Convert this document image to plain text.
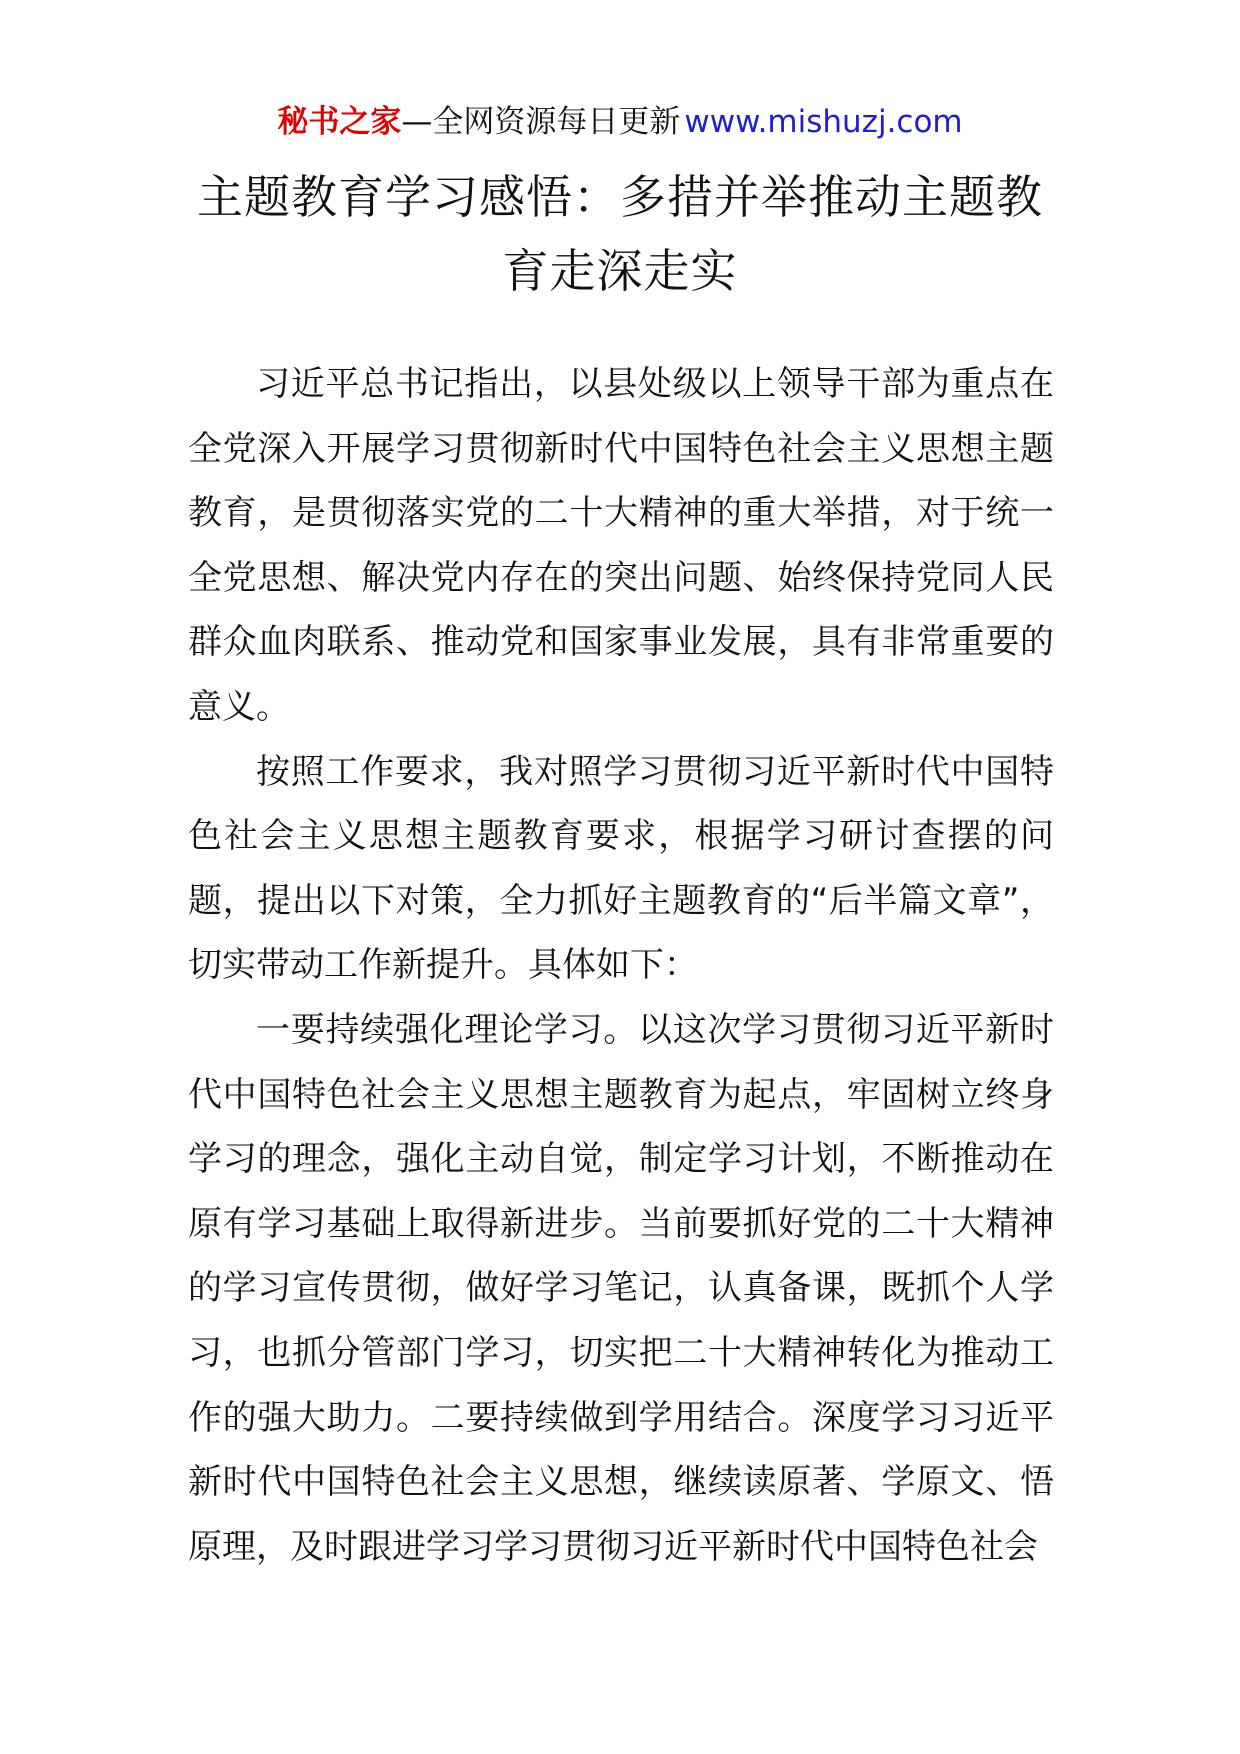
秘书之家—全网资源每日更新 www.mishuzj.com
主题教育学习感悟：多措并举推动主题教育走深走实

习近平总书记指出，以县处级以上领导干部为重点在全党深入开展学习贯彻新时代中国特色社会主义思想主题教育，是贯彻落实党的二十大精神的重大举措，对于统一全党思想、解决党内存在的突出问题、始终保持党同人民群众血肉联系、推动党和国家事业发展，具有非常重要的意义。

按照工作要求，我对照学习贯彻习近平新时代中国特色社会主义思想主题教育要求，根据学习研讨查摆的问题，提出以下对策，全力抓好主题教育的“后半篇文章”，切实带动工作新提升。具体如下：

一要持续强化理论学习。以这次学习贯彻习近平新时代中国特色社会主义思想主题教育为起点，牢固树立终身学习的理念，强化主动自觉，制定学习计划，不断推动在原有学习基础上取得新进步。当前要抓好党的二十大精神的学习宣传贯彻，做好学习笔记，认真备课，既抓个人学习，也抓分管部门学习，切实把二十大精神转化为推动工作的强大助力。二要持续做到学用结合。深度学习习近平新时代中国特色社会主义思想，继续读原著、学原文、悟原理，及时跟进学习学习贯彻习近平新时代中国特色社会
